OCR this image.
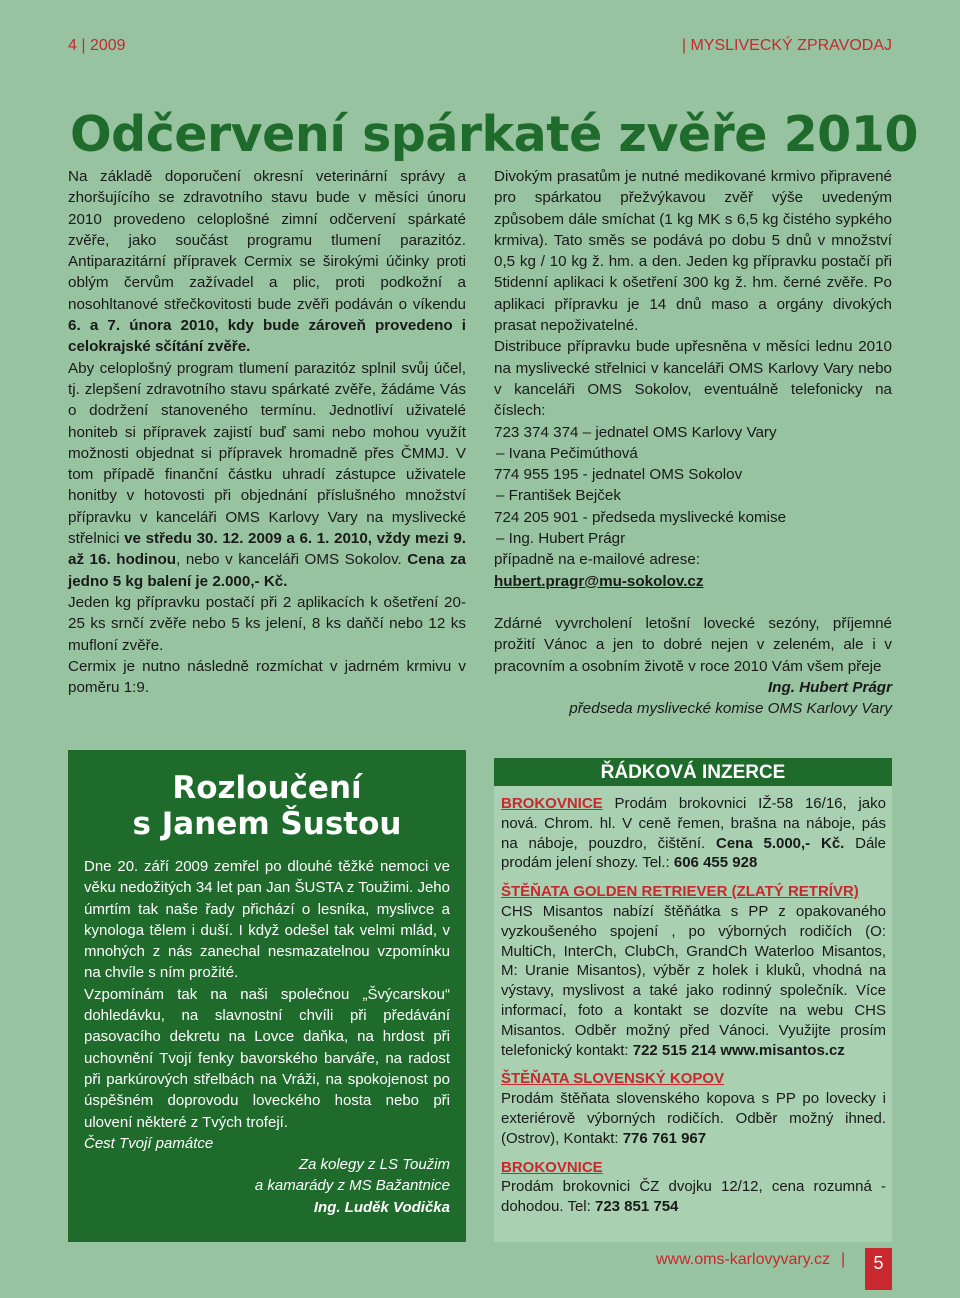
4 | 2009	| MYSLIVECKÝ ZPRAVODAJ
Odčervení spárkaté zvěře 2010

Na základě doporučení okresní veterinární správy a zhoršujícího se zdravotního stavu bude v měsíci únoru 2010 provedeno celoplošné zimní odčervení spárkaté zvěře, jako součást programu tlumení parazitóz. Antiparazitární přípravek Cermix se širokými účinky proti oblým červům zažívadel a plic, proti podkožní a nosohltanové střečkovitosti bude zvěři podáván o víkendu 6. a 7. února 2010, kdy bude zároveň provedeno i celokrajské sčítání zvěře.

Aby celoplošný program tlumení parazitóz splnil svůj účel, tj. zlepšení zdravotního stavu spárkaté zvěře, žádáme Vás o dodržení stanoveného termínu. Jednotliví uživatelé honiteb si přípravek zajistí buď sami nebo mohou využít možnosti objednat si přípravek hromadně přes ČMMJ. V tom případě finanční částku uhradí zástupce uživatele honitby v hotovosti při objednání příslušného množství přípravku v kanceláři OMS Karlovy Vary na myslivecké střelnici ve středu 30. 12. 2009 a 6. 1. 2010, vždy mezi 9. až 16. hodinou, nebo v kanceláři OMS Sokolov. Cena za jedno 5 kg balení je 2.000,- Kč.

Jeden kg přípravku postačí při 2 aplikacích k ošetření 20-25 ks srnčí zvěře nebo 5 ks jelení, 8 ks daňčí nebo 12 ks mufloní zvěře.

Cermix je nutno následně rozmíchat v jadrném krmivu v poměru 1:9.

Divokým prasatům je nutné medikované krmivo připravené pro spárkatou přežvýkavou zvěř výše uvedeným způsobem dále smíchat (1 kg MK s 6,5 kg čistého sypkého krmiva). Tato směs se podává po dobu 5 dnů v množství 0,5 kg / 10 kg ž. hm. a den. Jeden kg přípravku postačí při 5tidenní aplikaci k ošetření 300 kg ž. hm. černé zvěře. Po aplikaci přípravku je 14 dnů maso a orgány divokých prasat nepoživatelné.

Distribuce přípravku bude upřesněna v měsíci lednu 2010 na myslivecké střelnici v kanceláři OMS Karlovy Vary nebo v kanceláři OMS Sokolov, eventuálně telefonicky na číslech:

723 374 374 – jednatel OMS Karlovy Vary

– Ivana Pečimúthová

774 955 195 - jednatel OMS Sokolov

– František Bejček

724 205 901 - předseda myslivecké komise

– Ing. Hubert Prágr

případně na e-mailové adrese:

hubert.pragr@mu-sokolov.cz

Zdárné vyvrcholení letošní lovecké sezóny, příjemné prožití Vánoc a jen to dobré nejen v zeleném, ale i v pracovním a osobním životě v roce 2010 Vám všem přeje

Ing. Hubert Prágr

předseda myslivecké komise OMS Karlovy Vary

Rozloučení
s Janem Šustou

Dne 20. září 2009 zemřel po dlouhé těžké nemoci ve věku nedožitých 34 let pan Jan ŠUSTA z Toužimi. Jeho úmrtím tak naše řady přichází o lesníka, myslivce a kynologa tělem i duší. I když odešel tak velmi mlád, v mnohých z nás zanechal nesmazatelnou vzpomínku na chvíle s ním prožité.

Vzpomínám tak na naši společnou „Švýcarskou“ dohledávku, na slavnostní chvíli při předávání pasovacího dekretu na Lovce daňka, na hrdost při uchovnění Tvojí fenky bavorského barváře, na radost při parkúrových střelbách na Vráži, na spokojenost po úspěšném doprovodu loveckého hosta nebo při ulovení některé z Tvých trofejí.

Čest Tvojí památce

Za kolegy z LS Toužim

a kamarády z MS Bažantnice

Ing. Luděk Vodička

ŘÁDKOVÁ INZERCE
BROKOVNICE Prodám brokovnici IŽ-58 16/16, jako nová. Chrom. hl. V ceně řemen, brašna na náboje, pás na náboje, pouzdro, čištění. Cena 5.000,- Kč. Dále prodám jelení shozy. Tel.: 606 455 928
ŠTĚŇATA GOLDEN RETRIEVER (ZLATÝ RETRÍVR)
CHS Misantos nabízí štěňátka s PP z opakovaného vyzkoušeného spojení , po výborných rodičích (O: MultiCh, InterCh, ClubCh, GrandCh Waterloo Misantos, M: Uranie Misantos), výběr z holek i kluků, vhodná na výstavy, myslivost a také jako rodinný společník. Více informací, foto a kontakt se dozvíte na webu CHS Misantos. Odběr možný před Vánoci. Využijte prosím telefonický kontakt: 722 515 214 www.misantos.cz
ŠTĚŇATA SLOVENSKÝ KOPOV
Prodám štěňata slovenského kopova s PP po lovecky i exteriérově výborných rodičích. Odběr možný ihned. (Ostrov), Kontakt: 776 761 967
BROKOVNICE
Prodám brokovnici ČZ dvojku 12/12, cena rozumná - dohodou. Tel: 723 851 754
www.oms-karlovyvary.cz |	5
